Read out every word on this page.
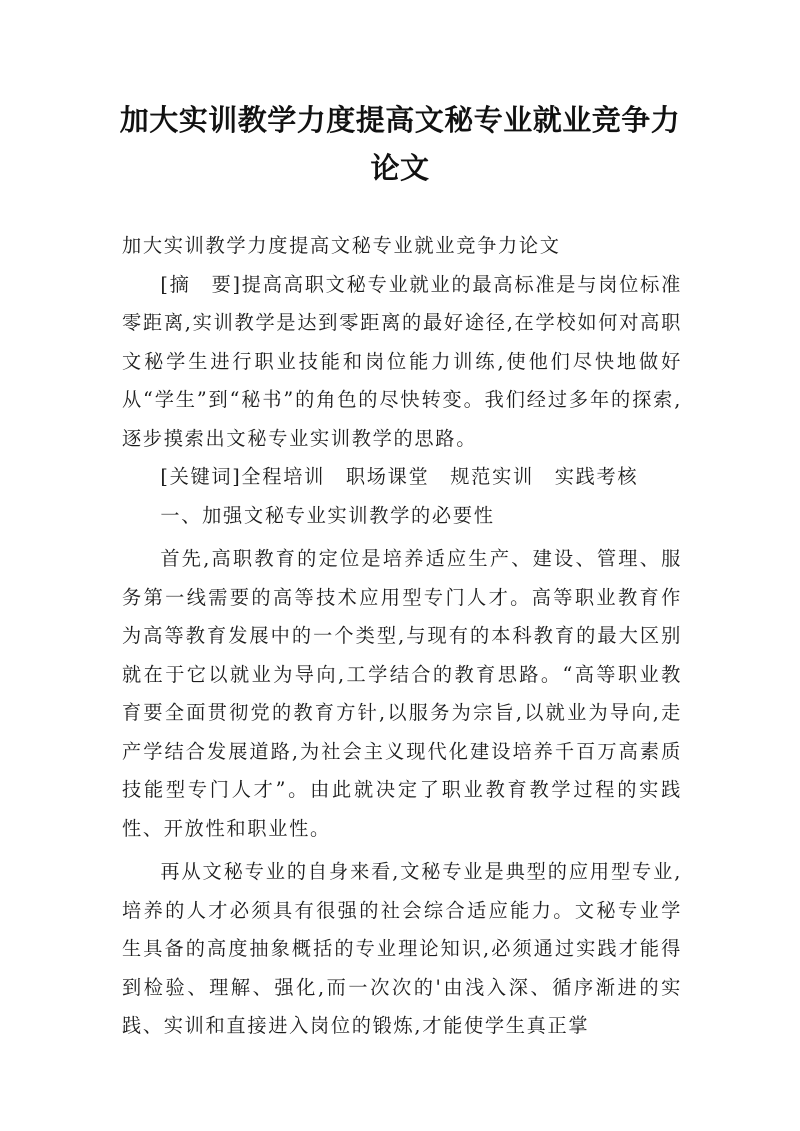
加大实训教学力度提高文秘专业就业竞争力论文

加大实训教学力度提高文秘专业就业竞争力论文

[摘　要]提高高职文秘专业就业的最高标准是与岗位标准零距离,实训教学是达到零距离的最好途径,在学校如何对高职文秘学生进行职业技能和岗位能力训练,使他们尽快地做好从“学生”到“秘书”的角色的尽快转变。我们经过多年的探索,逐步摸索出文秘专业实训教学的思路。

[关键词]全程培训　职场课堂　规范实训　实践考核

一、加强文秘专业实训教学的必要性

首先,高职教育的定位是培养适应生产、建设、管理、服务第一线需要的高等技术应用型专门人才。高等职业教育作为高等教育发展中的一个类型,与现有的本科教育的最大区别就在于它以就业为导向,工学结合的教育思路。“高等职业教育要全面贯彻党的教育方针,以服务为宗旨,以就业为导向,走产学结合发展道路,为社会主义现代化建设培养千百万高素质技能型专门人才”。由此就决定了职业教育教学过程的实践性、开放性和职业性。

再从文秘专业的自身来看,文秘专业是典型的应用型专业, 培养的人才必须具有很强的社会综合适应能力。文秘专业学生具备的高度抽象概括的专业理论知识,必须通过实践才能得到检验、理解、强化,而一次次的'由浅入深、循序渐进的实践、实训和直接进入岗位的锻炼,才能使学生真正掌
